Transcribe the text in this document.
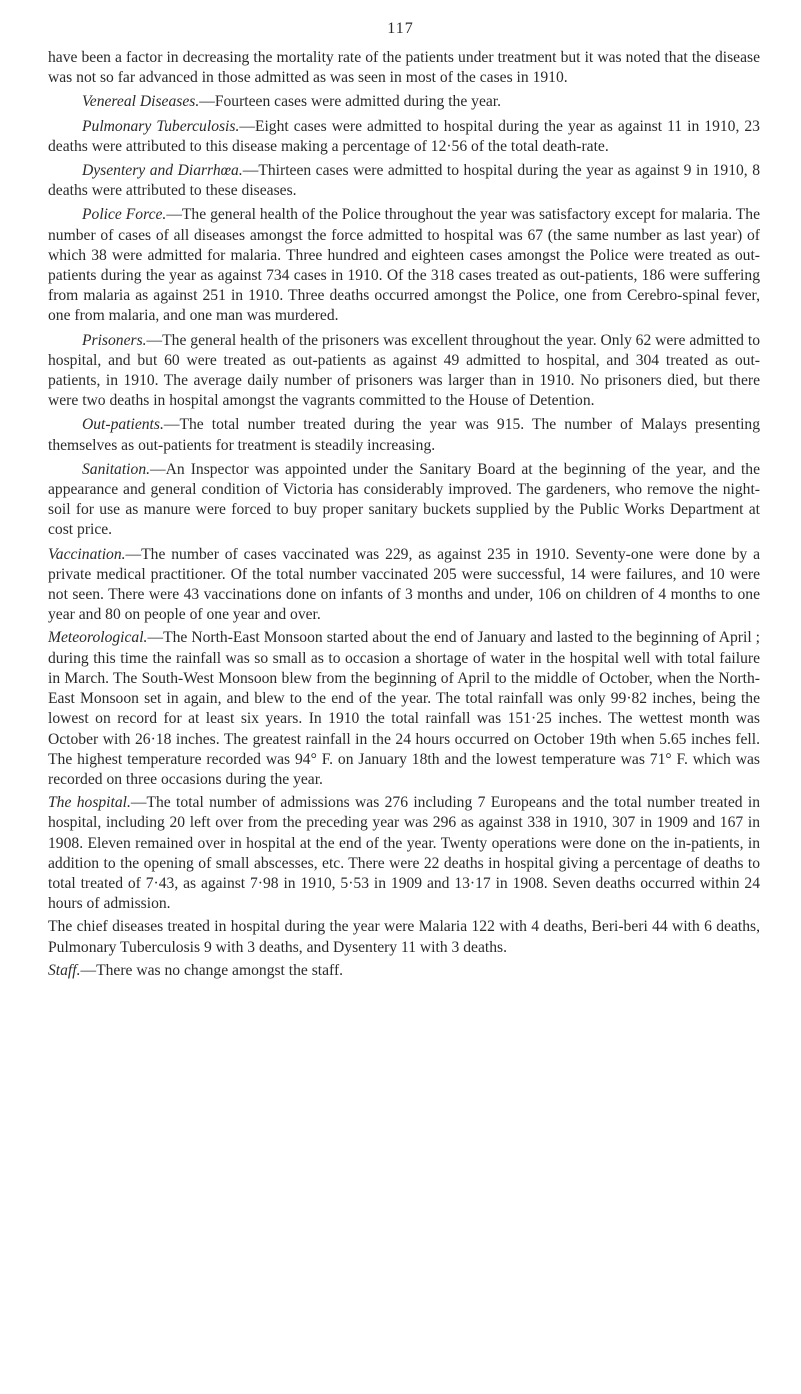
117

have been a factor in decreasing the mortality rate of the patients under treatment but it was noted that the disease was not so far advanced in those admitted as was seen in most of the cases in 1910.

Venereal Diseases.—Fourteen cases were admitted during the year.

Pulmonary Tuberculosis.—Eight cases were admitted to hospital during the year as against 11 in 1910, 23 deaths were attributed to this disease making a percentage of 12·56 of the total death-rate.

Dysentery and Diarrhœa.—Thirteen cases were admitted to hospital during the year as against 9 in 1910, 8 deaths were attributed to these diseases.

Police Force.—The general health of the Police throughout the year was satisfactory except for malaria. The number of cases of all diseases amongst the force admitted to hospital was 67 (the same number as last year) of which 38 were admitted for malaria. Three hundred and eighteen cases amongst the Police were treated as out-patients during the year as against 734 cases in 1910. Of the 318 cases treated as out-patients, 186 were suffering from malaria as against 251 in 1910. Three deaths occurred amongst the Police, one from Cerebro-spinal fever, one from malaria, and one man was murdered.

Prisoners.—The general health of the prisoners was excellent throughout the year. Only 62 were admitted to hospital, and but 60 were treated as out-patients as against 49 admitted to hospital, and 304 treated as out-patients, in 1910. The average daily number of prisoners was larger than in 1910. No prisoners died, but there were two deaths in hospital amongst the vagrants committed to the House of Detention.

Out-patients.—The total number treated during the year was 915. The number of Malays presenting themselves as out-patients for treatment is steadily increasing.

Sanitation.—An Inspector was appointed under the Sanitary Board at the beginning of the year, and the appearance and general condition of Victoria has considerably improved. The gardeners, who remove the night-soil for use as manure were forced to buy proper sanitary buckets supplied by the Public Works Department at cost price.

Vaccination.—The number of cases vaccinated was 229, as against 235 in 1910. Seventy-one were done by a private medical practitioner. Of the total number vaccinated 205 were successful, 14 were failures, and 10 were not seen. There were 43 vaccinations done on infants of 3 months and under, 106 on children of 4 months to one year and 80 on people of one year and over.

Meteorological.—The North-East Monsoon started about the end of January and lasted to the beginning of April ; during this time the rainfall was so small as to occasion a shortage of water in the hospital well with total failure in March. The South-West Monsoon blew from the beginning of April to the middle of October, when the North-East Monsoon set in again, and blew to the end of the year. The total rainfall was only 99·82 inches, being the lowest on record for at least six years. In 1910 the total rainfall was 151·25 inches. The wettest month was October with 26·18 inches. The greatest rainfall in the 24 hours occurred on October 19th when 5.65 inches fell. The highest temperature recorded was 94° F. on January 18th and the lowest temperature was 71° F. which was recorded on three occasions during the year.

The hospital.—The total number of admissions was 276 including 7 Europeans and the total number treated in hospital, including 20 left over from the preceding year was 296 as against 338 in 1910, 307 in 1909 and 167 in 1908. Eleven remained over in hospital at the end of the year. Twenty operations were done on the in-patients, in addition to the opening of small abscesses, etc. There were 22 deaths in hospital giving a percentage of deaths to total treated of 7·43, as against 7·98 in 1910, 5·53 in 1909 and 13·17 in 1908. Seven deaths occurred within 24 hours of admission.

The chief diseases treated in hospital during the year were Malaria 122 with 4 deaths, Beri-beri 44 with 6 deaths, Pulmonary Tuberculosis 9 with 3 deaths, and Dysentery 11 with 3 deaths.

Staff.—There was no change amongst the staff.
